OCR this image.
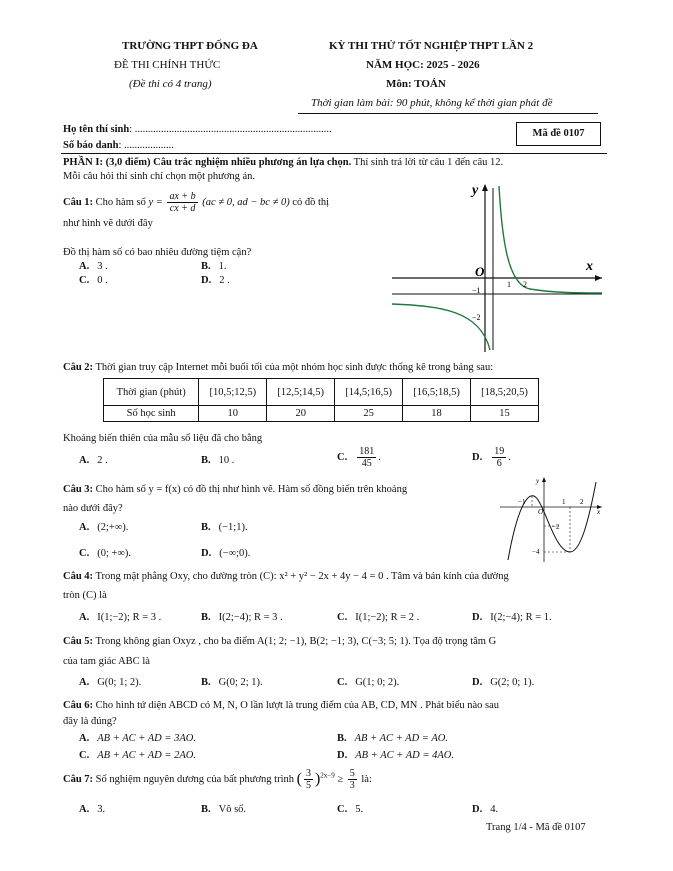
TRƯỜNG THPT ĐỐNG ĐA
ĐỀ THI CHÍNH THỨC
(Đề thi có 4 trang)
KỲ THI THỬ TỐT NGHIỆP THPT LẦN 2
NĂM HỌC: 2025 - 2026
Môn: TOÁN
Thời gian làm bài: 90 phút, không kể thời gian phát đề
Họ tên thí sinh: ...........................................................................
Số báo danh: ...................
Mã đề 0107
PHẦN I: (3,0 điểm) Câu trắc nghiệm nhiều phương án lựa chọn. Thí sinh trả lời từ câu 1 đến câu 12.
Mỗi câu hỏi thí sinh chỉ chọn một phương án.
Câu 1: Cho hàm số $y = \frac{ax + b}{cx + d} (ac \ne 0$, ad − bc ≠ 0) có đồ thị
như hình vẽ dưới đây
Đồ thị hàm số có bao nhiêu đường tiệm cận?
A. 3 .	B. 1.
C. 0 .	D. 2 .
O	x
y
−1
1 2
−2
Câu 2: Thời gian truy cập Internet mỗi buổi tối của một nhóm học sinh được thống kê trong bảng sau:
Thời gian (phút)	[10,5;12,5)	[12,5;14,5)	[14,5;16,5)	[16,5;18,5)	[18,5;20,5)
Số học sinh	10	20	25	18	15
Khoảng biến thiên của mẫu số liệu đã cho bằng
A. 2 .	B. 10 .	C. $\frac{181}{45}$ .	D. $\frac{19}{6}$ .
Câu 3: Cho hàm số y = f(x) có đồ thị như hình vẽ. Hàm số đồng biến trên khoảng
nào dưới đây?
A. (2;+∞).	B. (−1;1).
C. (0; +∞).	D. (−∞;0).
y
x
O
−1	1 2
−2
−4
Câu 4: Trong mặt phẳng Oxy, cho đường tròn (C): x² + y² − 2x + 4y − 4 = 0 . Tâm và bán kính của đường
tròn (C) là
A. I(1;−2); R = 3 .	B. I(2;−4); R = 3 .	C. I(1;−2); R = 2 .	D. I(2;−4); R = 1.
Câu 5: Trong không gian Oxyz , cho ba điểm A(1; 2; −1), B(2; −1; 3), C(−3; 5; 1). Tọa độ trọng tâm G
của tam giác ABC là
A. G(0; 1; 2).	B. G(0; 2; 1).	C. G(1; 0; 2).	D. G(2; 0; 1).
Câu 6: Cho hình tứ diện ABCD có M, N, O lần lượt là trung điểm của AB, CD, MN . Phát biểu nào sau
đây là đúng?
A. AB + AC + AD = 3AO.	B. AB + AC + AD = AO.
C. AB + AC + AD = 2AO.	D. AB + AC + AD = 4AO.
Câu 7: Số nghiệm nguyên dương của bất phương trình ( $\frac{3}{5} )^{2x-9} \ge \frac{5}{3}$ là:
A. 3.	B. Vô số.	C. 5.	D. 4.
Trang 1/4 - Mã đề 0107
